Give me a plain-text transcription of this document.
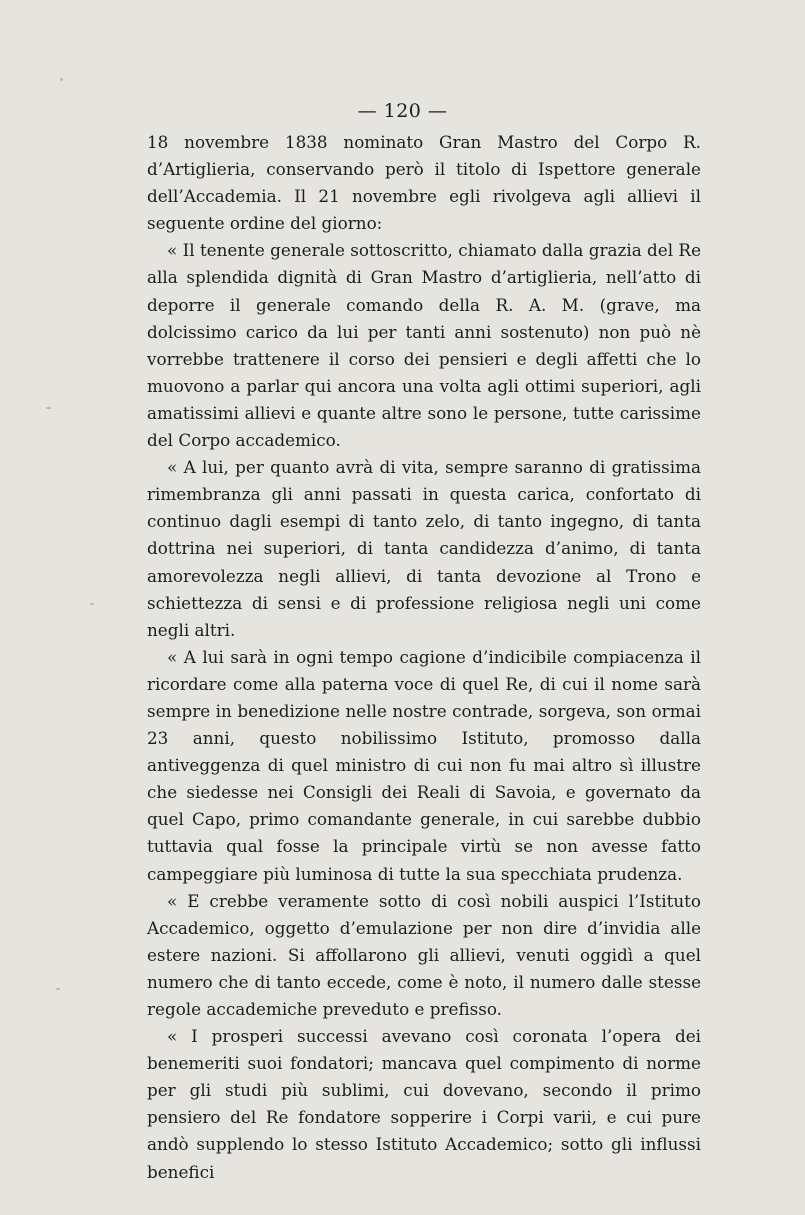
— 120 —

18 novembre 1838 nominato Gran Mastro del Corpo R. d’Artiglieria, conservando però il titolo di Ispettore generale dell’Accademia. Il 21 novembre egli rivolgeva agli allievi il seguente ordine del giorno:

« Il tenente generale sottoscritto, chiamato dalla grazia del Re alla splendida dignità di Gran Mastro d’artiglieria, nell’atto di deporre il generale comando della R. A. M. (grave, ma dolcissimo carico da lui per tanti anni sostenuto) non può nè vorrebbe trattenere il corso dei pensieri e degli affetti che lo muovono a parlar qui ancora una volta agli ottimi superiori, agli amatissimi allievi e quante altre sono le persone, tutte carissime del Corpo accademico.

« A lui, per quanto avrà di vita, sempre saranno di gratissima rimembranza gli anni passati in questa carica, confortato di continuo dagli esempi di tanto zelo, di tanto ingegno, di tanta dottrina nei superiori, di tanta candidezza d’animo, di tanta amorevolezza negli allievi, di tanta devozione al Trono e schiettezza di sensi e di professione religiosa negli uni come negli altri.

« A lui sarà in ogni tempo cagione d’indicibile compiacenza il ricordare come alla paterna voce di quel Re, di cui il nome sarà sempre in benedizione nelle nostre contrade, sorgeva, son ormai 23 anni, questo nobilissimo Istituto, promosso dalla antiveggenza di quel ministro di cui non fu mai altro sì illustre che siedesse nei Consigli dei Reali di Savoia, e governato da quel Capo, primo comandante generale, in cui sarebbe dubbio tuttavia qual fosse la principale virtù se non avesse fatto campeggiare più luminosa di tutte la sua specchiata prudenza.

« E crebbe veramente sotto di così nobili auspici l’Istituto Accademico, oggetto d’emulazione per non dire d’invidia alle estere nazioni. Si affollarono gli allievi, venuti oggidì a quel numero che di tanto eccede, come è noto, il numero dalle stesse regole accademiche preveduto e prefisso.

« I prosperi successi avevano così coronata l’opera dei benemeriti suoi fondatori; mancava quel compimento di norme per gli studi più sublimi, cui dovevano, secondo il primo pensiero del Re fondatore sopperire i Corpi varii, e cui pure andò supplendo lo stesso Istituto Accademico; sotto gli influssi benefici
